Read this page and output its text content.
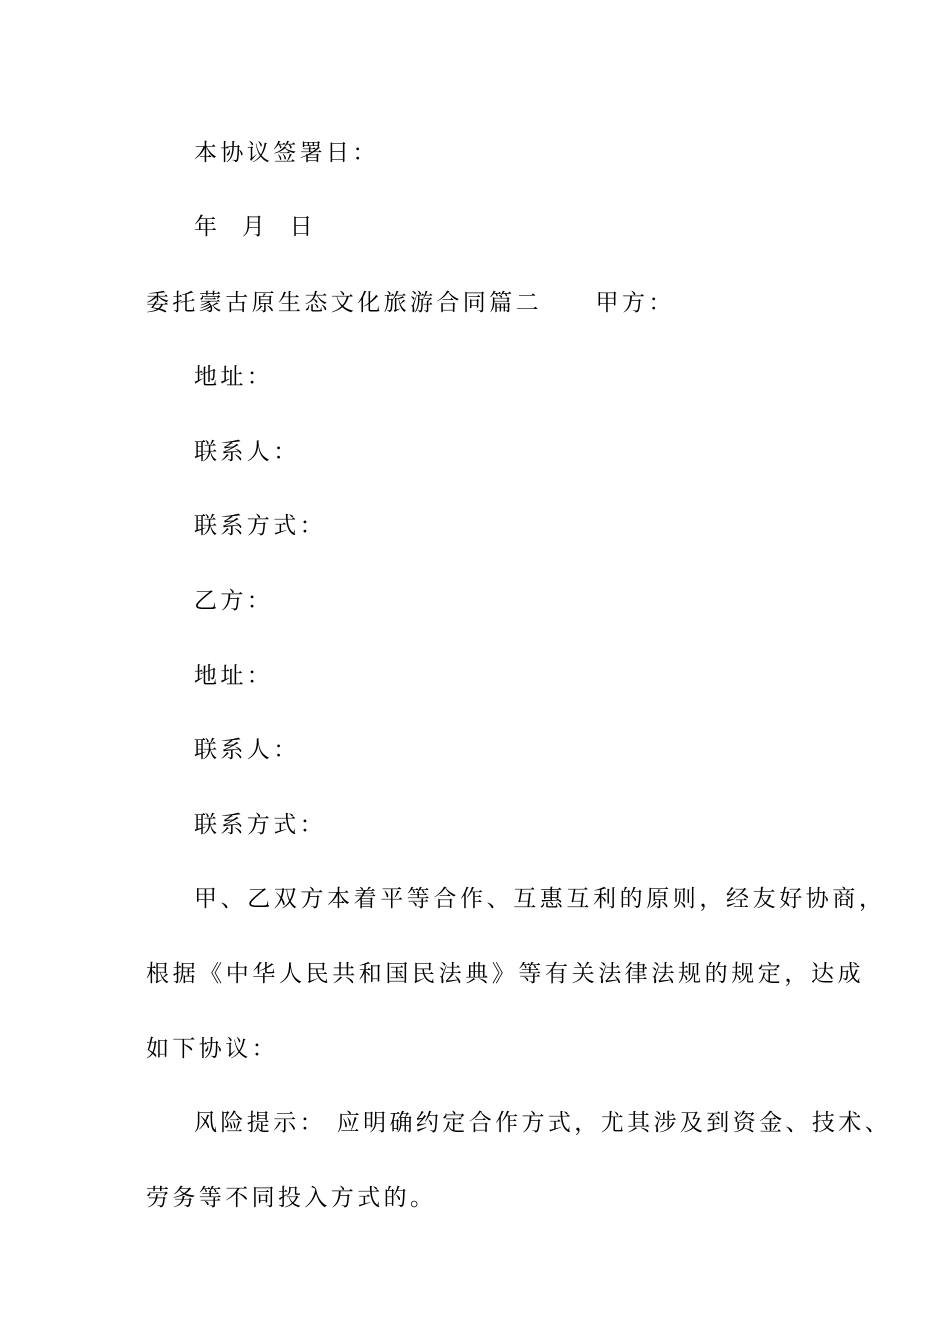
本协议签署日：
年  月  日
委托蒙古原生态文化旅游合同篇二     甲方：
地址：
联系人：
联系方式：
乙方：
地址：
联系人：
联系方式：
甲、乙双方本着平等合作、互惠互利的原则，经友好协商，
根据《中华人民共和国民法典》等有关法律法规的规定，达成
如下协议：
风险提示： 应明确约定合作方式，尤其涉及到资金、技术、
劳务等不同投入方式的。
